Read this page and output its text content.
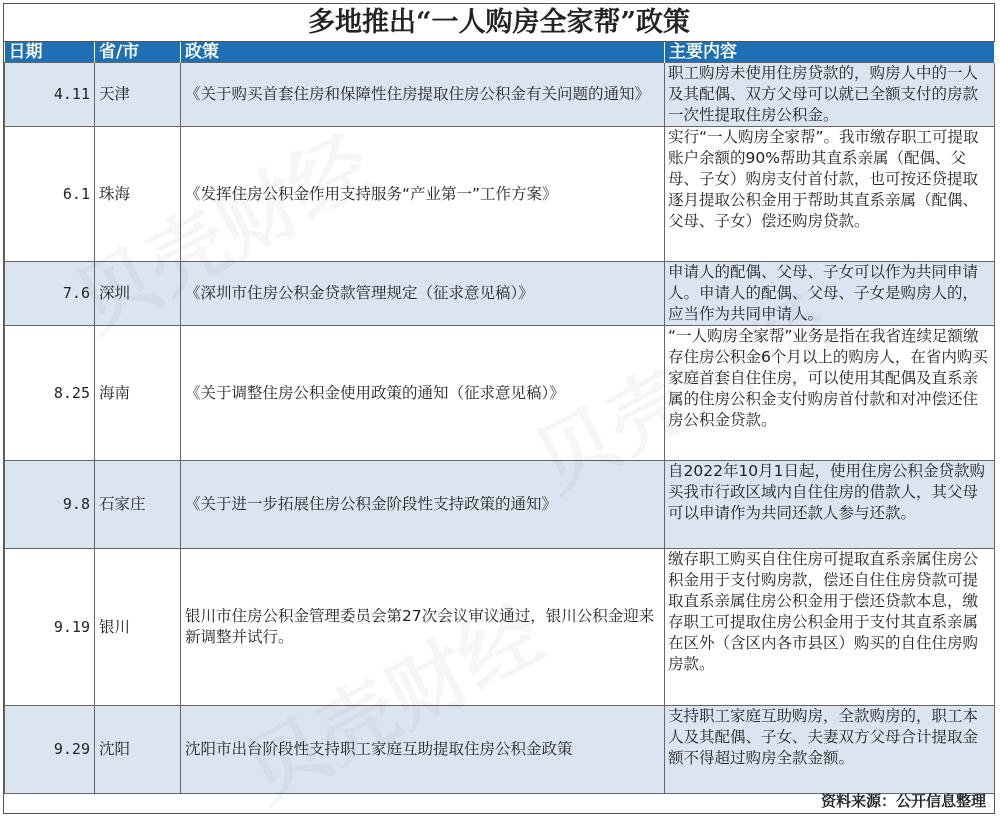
多地推出“一人购房全家帮”政策
日期	省/市	政策	主要内容
4.11	天津	《关于购买首套住房和保障性住房提取住房公积金有关问题的通知》	职工购房未使用住房贷款的，购房人中的一人及其配偶、双方父母可以就已全额支付的房款一次性提取住房公积金。
6.1	珠海	《发挥住房公积金作用支持服务“产业第一”工作方案》	实行“一人购房全家帮”。我市缴存职工可提取账户余额的90%帮助其直系亲属（配偶、父母、子女）购房支付首付款，也可按还贷提取逐月提取公积金用于帮助其直系亲属（配偶、父母、子女）偿还购房贷款。
7.6	深圳	《深圳市住房公积金贷款管理规定（征求意见稿）》	申请人的配偶、父母、子女可以作为共同申请人。申请人的配偶、父母、子女是购房人的，应当作为共同申请人。
8.25	海南	《关于调整住房公积金使用政策的通知（征求意见稿）》	“一人购房全家帮”业务是指在我省连续足额缴存住房公积金6个月以上的购房人，在省内购买家庭首套自住住房，可以使用其配偶及直系亲属的住房公积金支付购房首付款和对冲偿还住房公积金贷款。
9.8	石家庄	《关于进一步拓展住房公积金阶段性支持政策的通知》	自2022年10月1日起，使用住房公积金贷款购买我市行政区域内自住住房的借款人，其父母可以申请作为共同还款人参与还款。
9.19	银川	银川市住房公积金管理委员会第27次会议审议通过，银川公积金迎来新调整并试行。	缴存职工购买自住住房可提取直系亲属住房公积金用于支付购房款，偿还自住住房贷款可提取直系亲属住房公积金用于偿还贷款本息，缴存职工可提取住房公积金用于支付其直系亲属在区外（含区内各市县区）购买的自住住房购房款。
9.29	沈阳	沈阳市出台阶段性支持职工家庭互助提取住房公积金政策	支持职工家庭互助购房，全款购房的，职工本人及其配偶、子女、夫妻双方父母合计提取金额不得超过购房全款金额。
资料来源：公开信息整理
